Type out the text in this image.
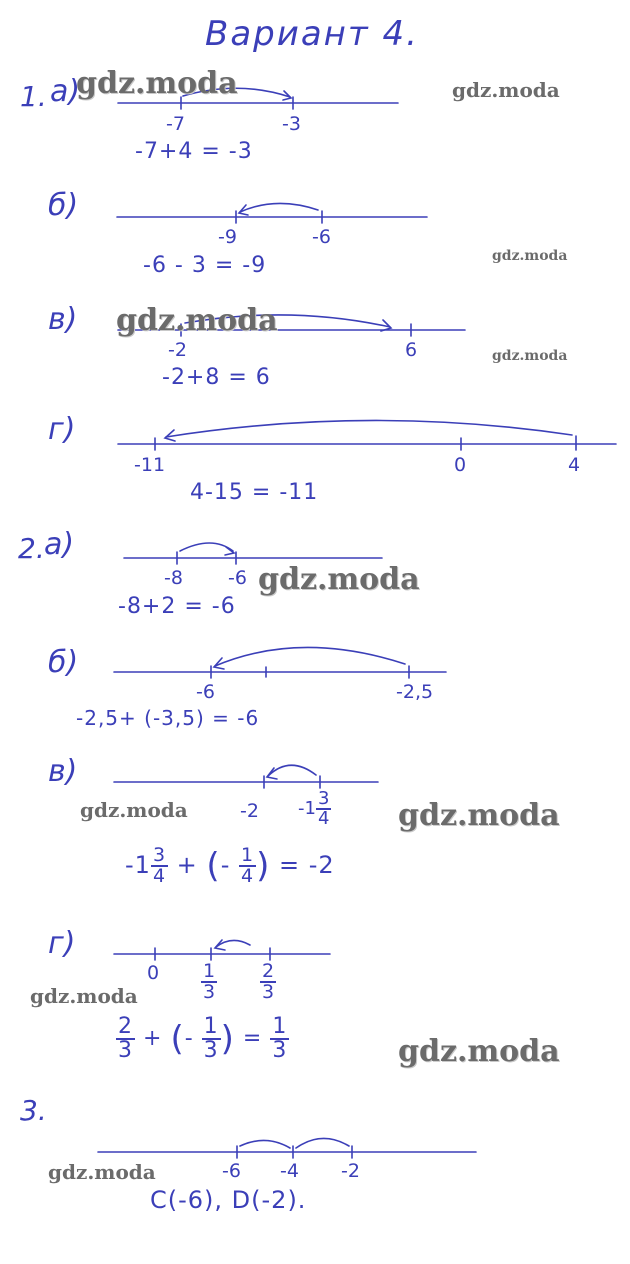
Вариант 4.
1. а)
-7	-3
-7+4 = -3
б)
-9	-6
-6 - 3 = -9
в)
-2	6
-2+8 = 6
г)
-11	0	4
4-15 = -11
2. а)
-8 -6
-8+2 = -6
б)
-6	-2,5
-2,5+ (-3,5) = -6
в)
-2 $-1 \frac{3}{4}$
$-1 \frac{3}{4}$ + (- $\frac{1}{4}$ ) = -2
г)
$0 \frac{1}{3} \frac{2}{3}$
$\frac{2}{3}$ + (- $\frac{1}{3}$ ) = $\frac{1}{3}$
3.
-6 -4 -2
C(-6), D(-2).
gdz.moda	gdz.moda
gdz.moda
gdz.moda
gdz.moda
gdz.moda
gdz.moda	gdz.moda
gdz.moda
gdz.moda
gdz.moda
